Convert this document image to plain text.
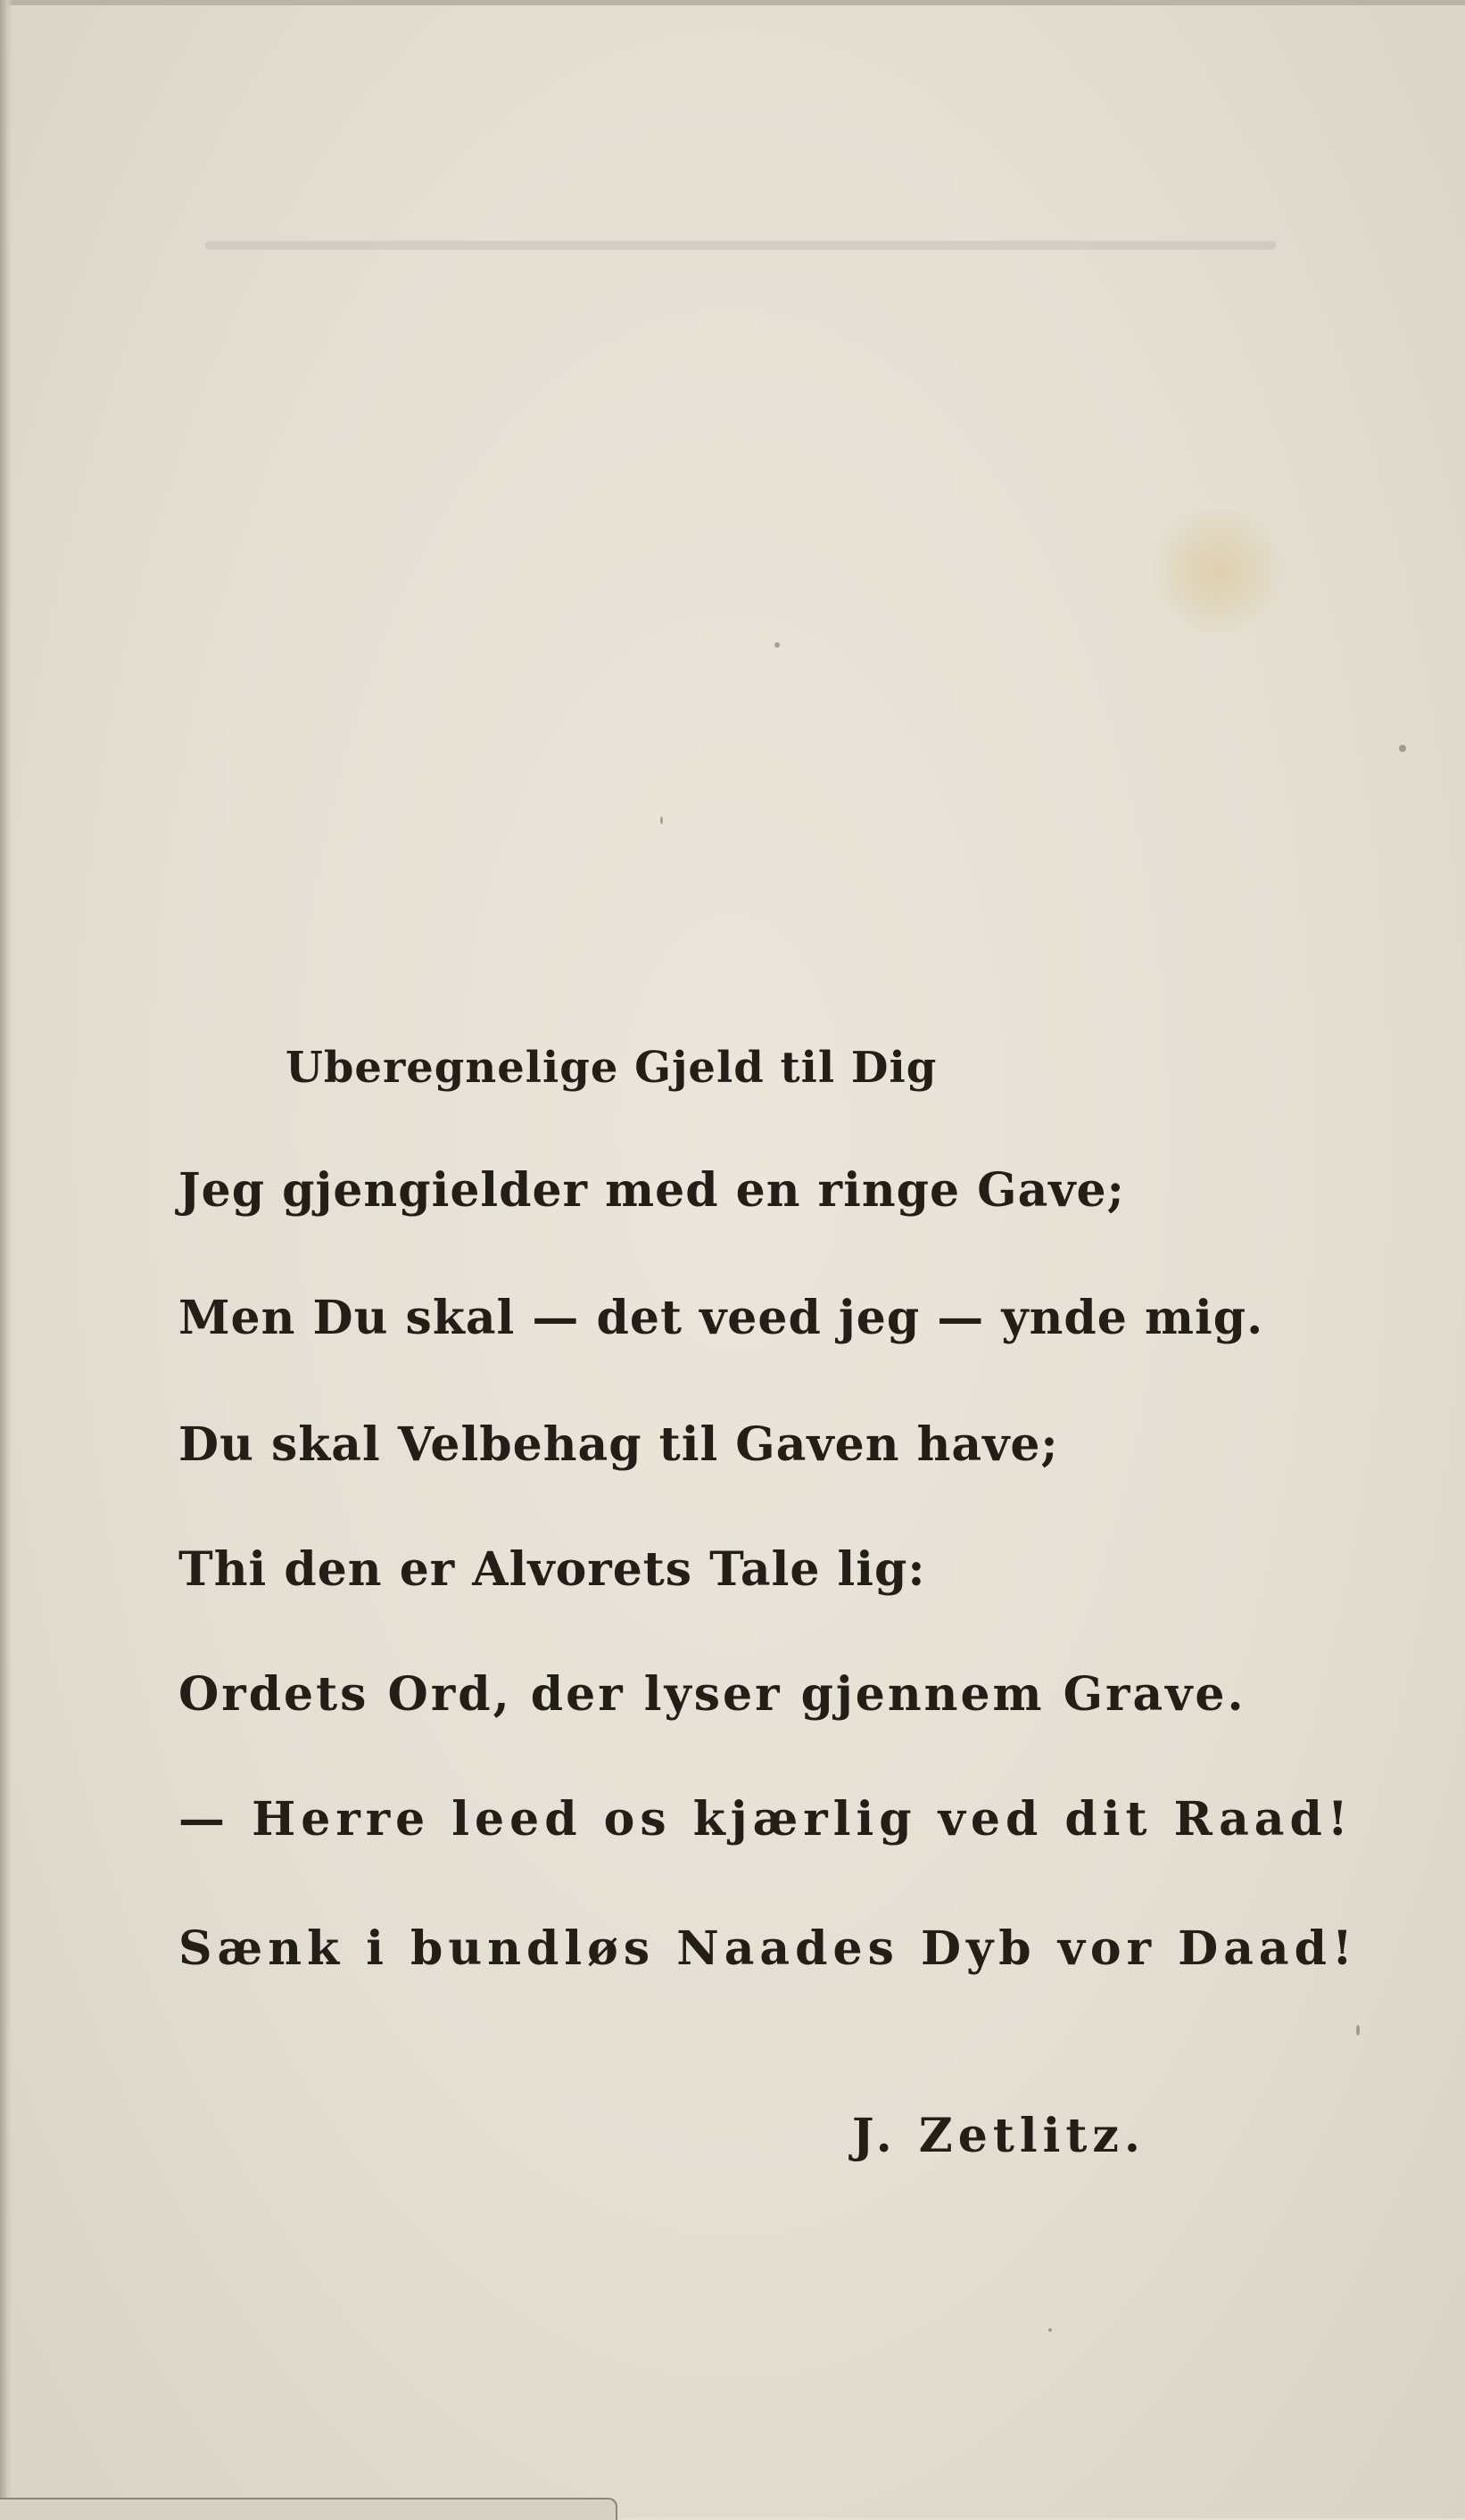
Uberegnelige Gjeld til Dig
Jeg gjengielder med en ringe Gave;
Men Du skal — det veed jeg — ynde mig.
Du skal Velbehag til Gaven have;
Thi den er Alvorets Tale lig:
Ordets Ord, der lyser gjennem Grave.
— Herre leed os kjærlig ved dit Raad!
Sænk i bundløs Naades Dyb vor Daad!
J. Zetlitz.
